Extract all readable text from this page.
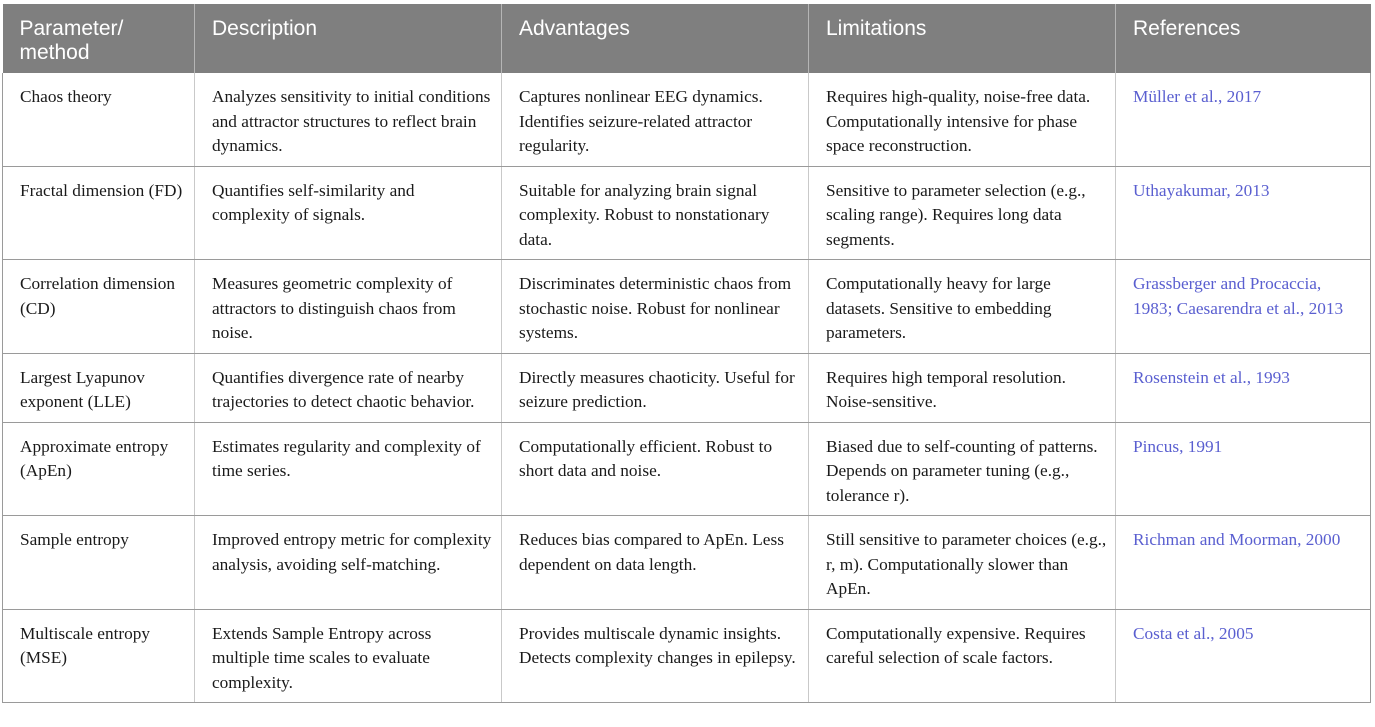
Parameter/
method	Description	Advantages	Limitations	References
Chaos theory	Analyzes sensitivity to initial conditions and attractor structures to reflect brain dynamics.	Captures nonlinear EEG dynamics. Identifies seizure-related attractor regularity.	Requires high-quality, noise-free data. Computationally intensive for phase space reconstruction.	Müller et al., 2017
Fractal dimension (FD)	Quantifies self-similarity and complexity of signals.	Suitable for analyzing brain signal complexity. Robust to nonstationary data.	Sensitive to parameter selection (e.g., scaling range). Requires long data segments.	Uthayakumar, 2013
Correlation dimension (CD)	Measures geometric complexity of attractors to distinguish chaos from noise.	Discriminates deterministic chaos from stochastic noise. Robust for nonlinear systems.	Computationally heavy for large datasets. Sensitive to embedding parameters.	Grassberger and Procaccia, 1983; Caesarendra et al., 2013
Largest Lyapunov exponent (LLE)	Quantifies divergence rate of nearby trajectories to detect chaotic behavior.	Directly measures chaoticity. Useful for seizure prediction.	Requires high temporal resolution. Noise-sensitive.	Rosenstein et al., 1993
Approximate entropy (ApEn)	Estimates regularity and complexity of time series.	Computationally efficient. Robust to short data and noise.	Biased due to self-counting of patterns. Depends on parameter tuning (e.g., tolerance r).	Pincus, 1991
Sample entropy	Improved entropy metric for complexity analysis, avoiding self-matching.	Reduces bias compared to ApEn. Less dependent on data length.	Still sensitive to parameter choices (e.g., r, m). Computationally slower than ApEn.	Richman and Moorman, 2000
Multiscale entropy (MSE)	Extends Sample Entropy across multiple time scales to evaluate complexity.	Provides multiscale dynamic insights. Detects complexity changes in epilepsy.	Computationally expensive. Requires careful selection of scale factors.	Costa et al., 2005
